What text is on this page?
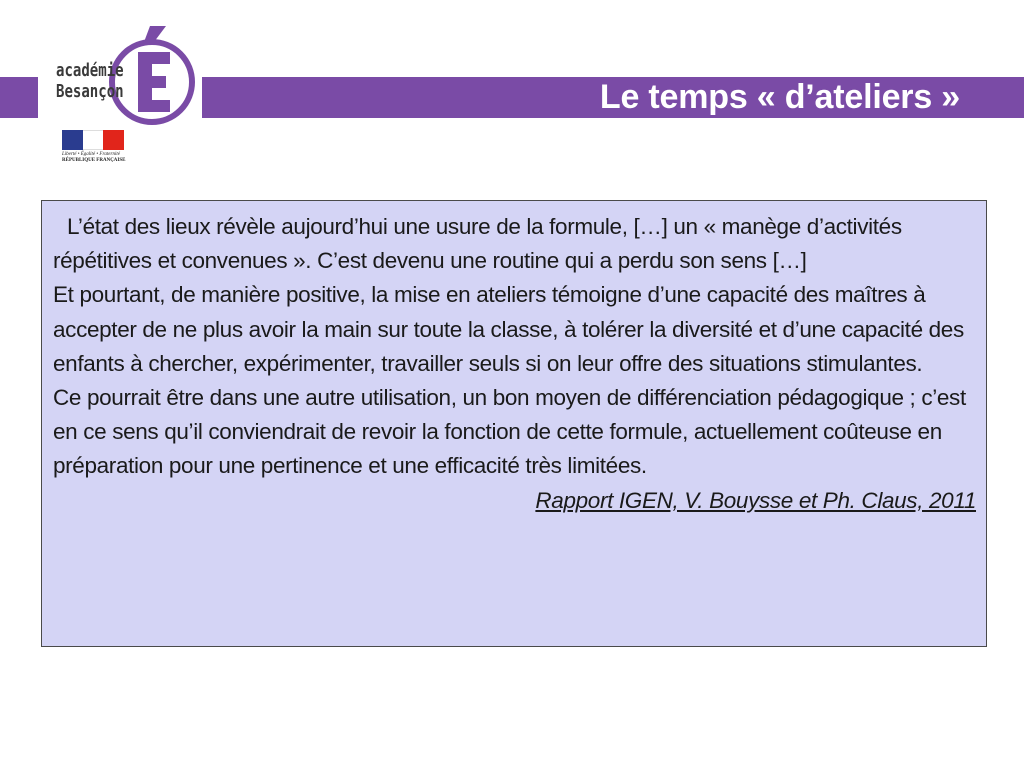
Le temps « d’ateliers »
académie
Besançon
Liberté • Égalité • Fraternité
RÉPUBLIQUE FRANÇAISE

L’état des lieux révèle aujourd’hui une usure de la formule, […] un « manège d’activités répétitives et convenues ». C’est devenu une routine qui a perdu son sens […]

Et pourtant, de manière positive, la mise en ateliers témoigne d’une capacité des maîtres à accepter de ne plus avoir la main sur toute la classe, à tolérer la diversité et d’une capacité des enfants à chercher, expérimenter, travailler seuls si on leur offre des situations stimulantes.

Ce pourrait être dans une autre utilisation, un bon moyen de différenciation pédagogique ; c’est en ce sens qu’il conviendrait de revoir la fonction de cette formule, actuellement coûteuse en préparation pour une pertinence et une efficacité très limitées.

Rapport IGEN, V. Bouysse et Ph. Claus, 2011
